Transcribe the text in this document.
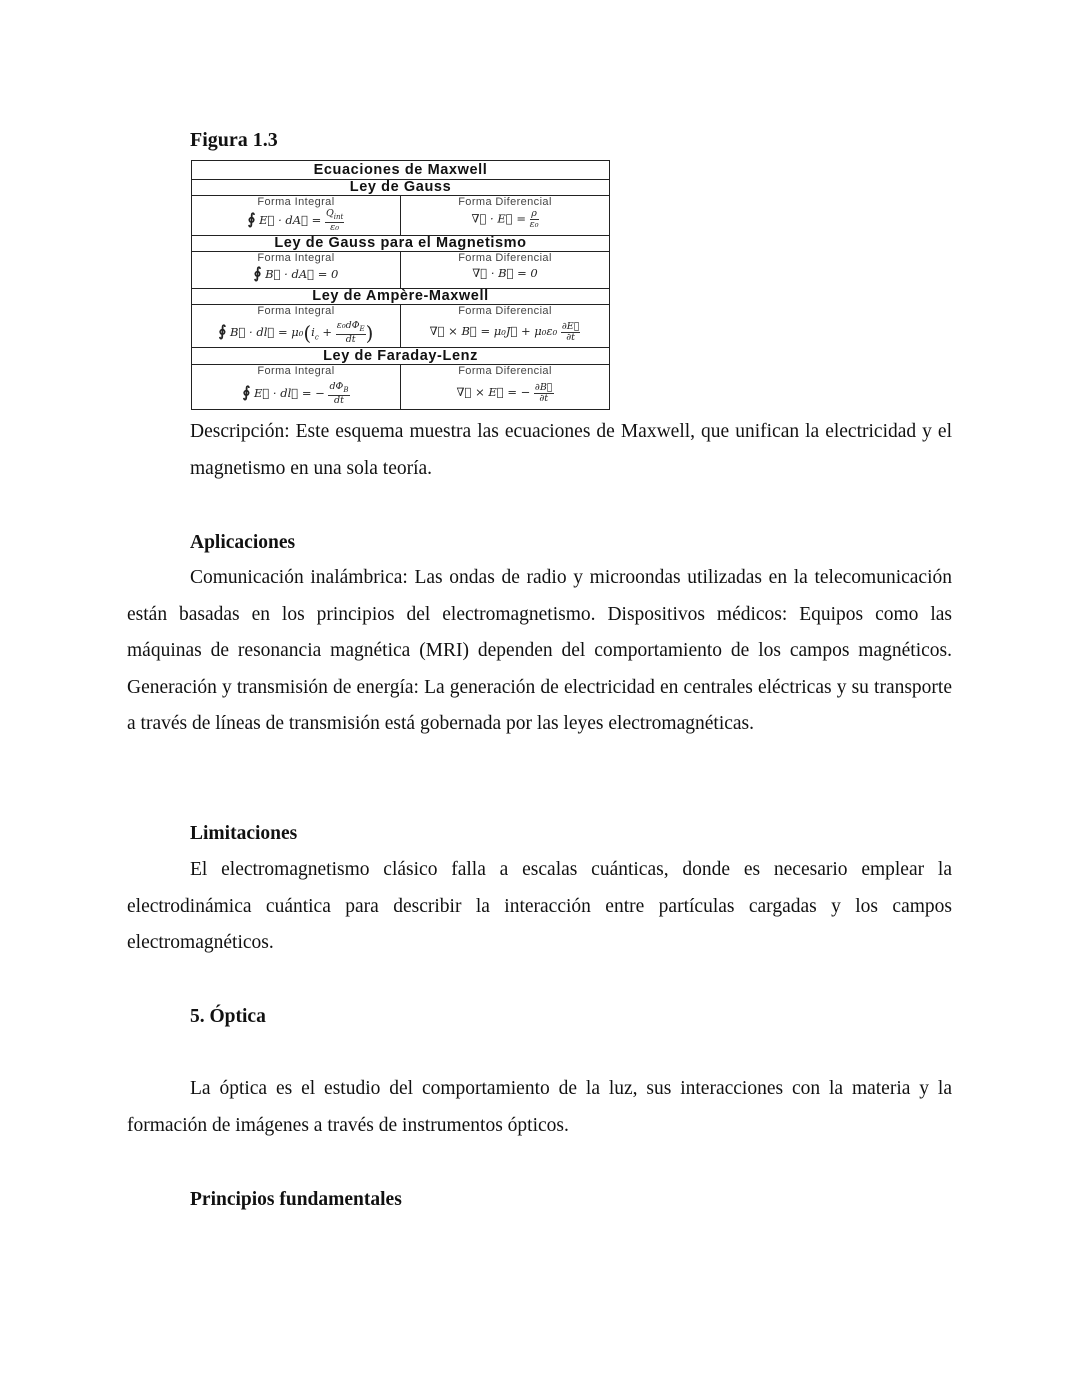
Figura 1.3
Ecuaciones de Maxwell
Ley de Gauss
Forma Integral
∮ E⃗ · dA⃗ = $\frac{Q_{int}}{\text{ε₀}}$
Forma Diferencial
∇⃗ · E⃗ = $\frac{\rho}{\text{ε₀}}$
Ley de Gauss para el Magnetismo
Forma Integral
∮ B⃗ · dA⃗ = 0
Forma Diferencial
∇⃗ · B⃗ = 0
Ley de Ampère-Maxwell
Forma Integral
∮ B⃗ · dl⃗ = $\mu_0(i_c + \frac{\varepsilon_0d\Phi_E}{dt}$ )
Forma Diferencial
∇⃗ × B⃗ = μ₀J⃗ + $\mu_0\varepsilon_0 \frac{\partial E⃗}{\partial t}$
Ley de Faraday-Lenz
Forma Integral
∮ E⃗ · dl⃗ = − $\frac{d\Phi_B}{dt}$
Forma Diferencial
∇⃗ × E⃗ = − $\frac{\partial B⃗}{\partial t}$
Descripción: Este esquema muestra las ecuaciones de Maxwell, que unifican la electricidad y el magnetismo en una sola teoría.
Aplicaciones
Comunicación inalámbrica: Las ondas de radio y microondas utilizadas en la telecomunicación están basadas en los principios del electromagnetismo. Dispositivos médicos: Equipos como las máquinas de resonancia magnética (MRI) dependen del comportamiento de los campos magnéticos. Generación y transmisión de energía: La generación de electricidad en centrales eléctricas y su transporte a través de líneas de transmisión está gobernada por las leyes electromagnéticas.
Limitaciones
El electromagnetismo clásico falla a escalas cuánticas, donde es necesario emplear la electrodinámica cuántica para describir la interacción entre partículas cargadas y los campos electromagnéticos.
5. Óptica
La óptica es el estudio del comportamiento de la luz, sus interacciones con la materia y la formación de imágenes a través de instrumentos ópticos.
Principios fundamentales
